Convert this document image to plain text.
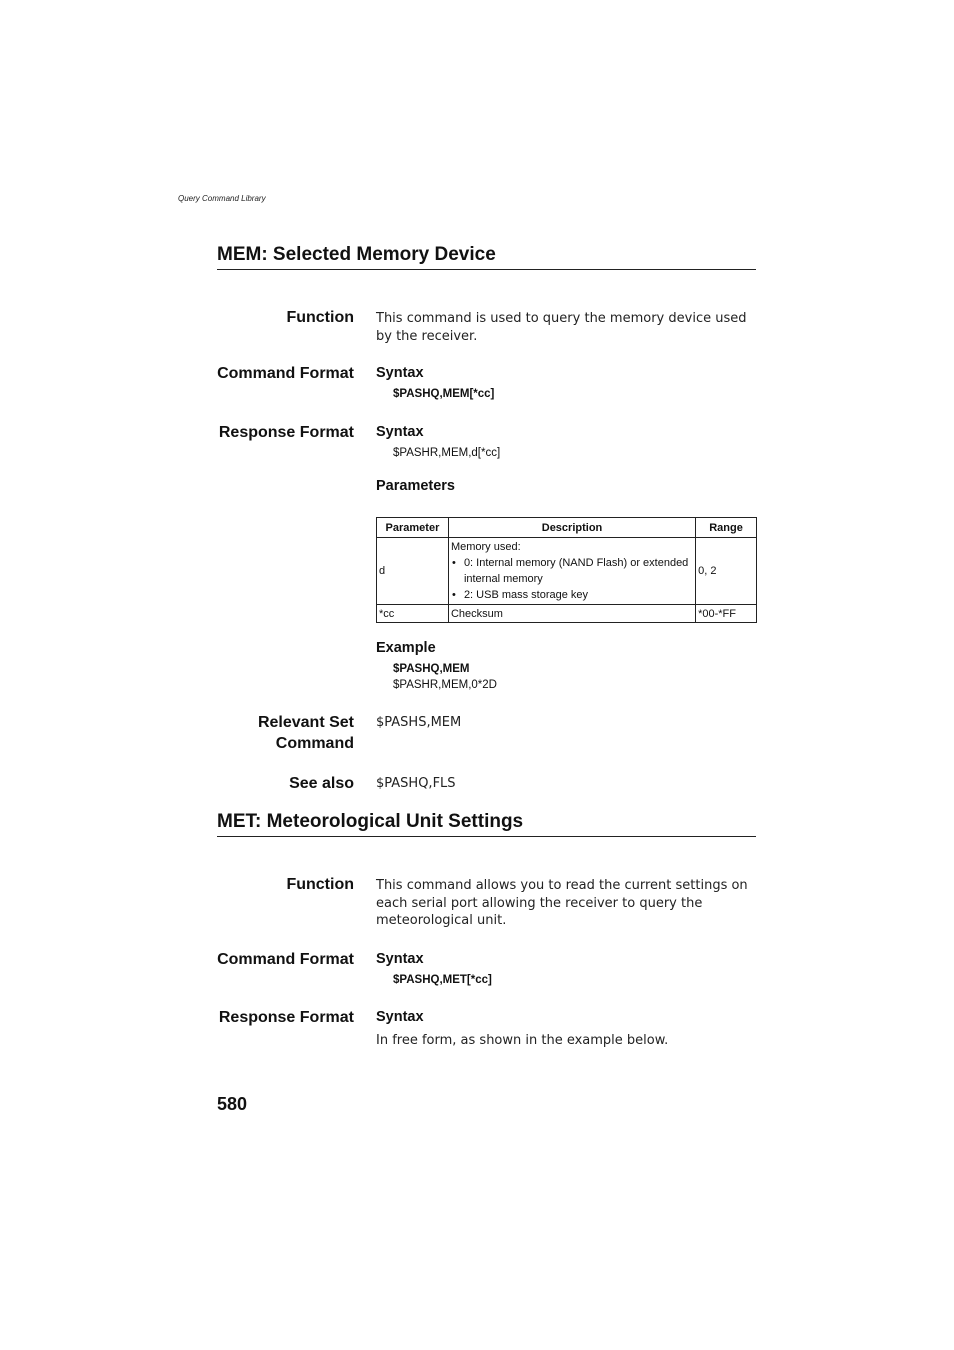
Query Command Library
MEM: Selected Memory Device
Function This command is used to query the memory device used by the receiver.
Command Format Syntax
$PASHQ,MEM[*cc]
Response Format Syntax
$PASHR,MEM,d[*cc]
Parameters
Parameter	Description	Range
d	Memory used:
• 0: Internal memory (NAND Flash) or extended internal memory
• 2: USB mass storage key	0, 2
*cc	Checksum	*00-*FF
Example
$PASHQ,MEM
$PASHR,MEM,0*2D
Relevant Set
Command
$PASHS,MEM
See also $PASHQ,FLS
MET: Meteorological Unit Settings
Function This command allows you to read the current settings on each serial port allowing the receiver to query the meteorological unit.
Command Format Syntax
$PASHQ,MET[*cc]
Response Format Syntax
In free form, as shown in the example below.
580
